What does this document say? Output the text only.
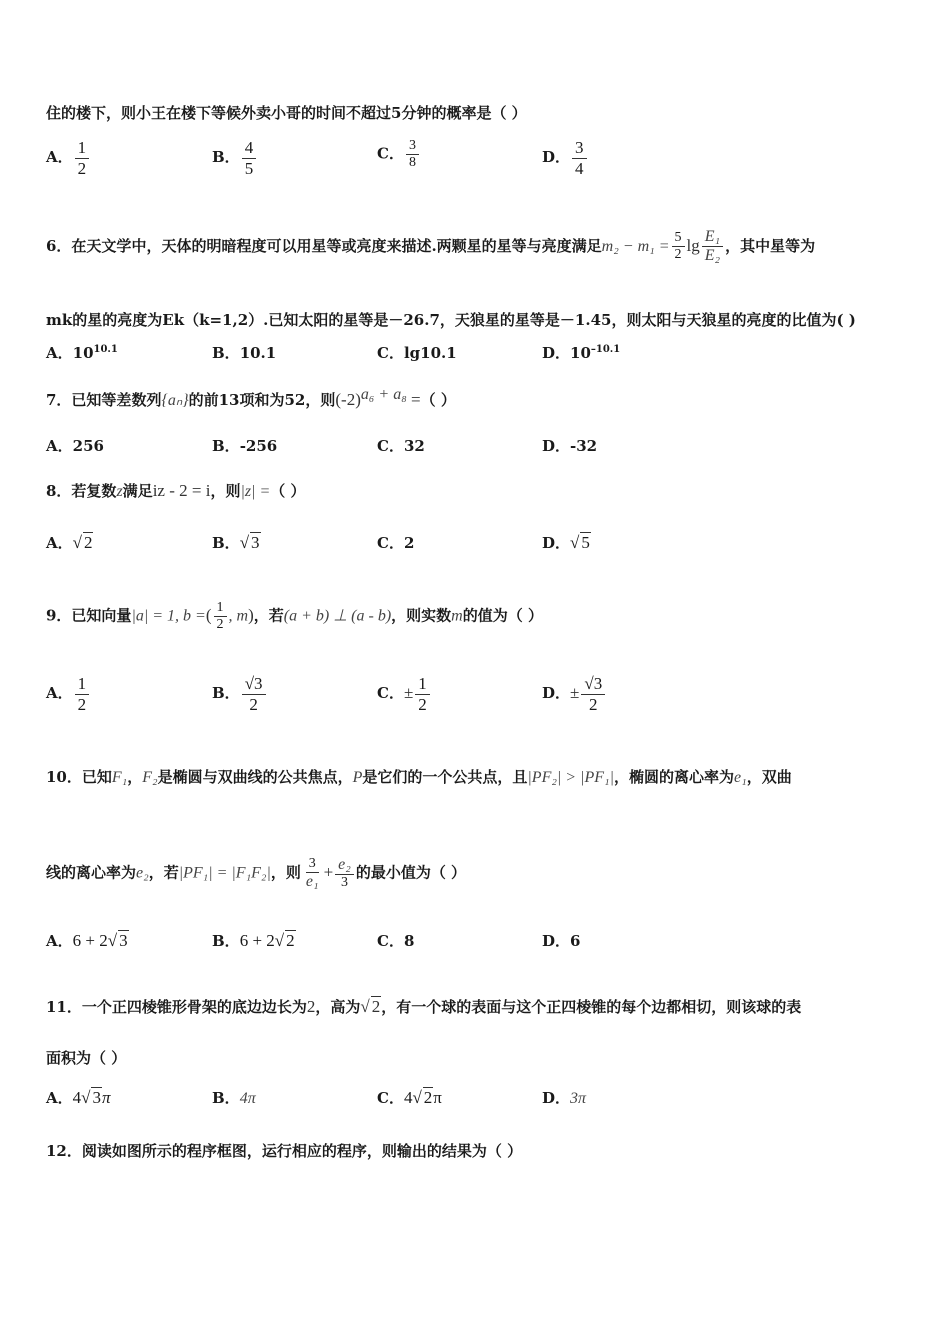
住的楼下，则小王在楼下等候外卖小哥的时间不超过5分钟的概率是（ ）
A． $\frac{1}{2}$	B． $\frac{4}{5}$	C． $\frac{3}{8}$	D． $\frac{3}{4}$
6．在天文学中，天体的明暗程度可以用星等或亮度来描述.两颗星的星等与亮度满足$m_2 - m_1 = \frac{5}{2}$ $\lg \frac{\text{E₁}}{\text{E₂}}$ ，其中星等为
mk的星的亮度为Ek（k=1,2）.已知太阳的星等是－26.7，天狼星的星等是－1.45，则太阳与天狼星的亮度的比值为( )
A．$10^{10.1}$	B．10.1	C．lg10.1	D．$10^{-10.1}$
7．已知等差数列{aₙ}的前13项和为52，则$(-2)^{a_6 + a_8}$ =（ ）
A．256	B．-256	C．32	D．-32
8．若复数z满足iz - 2 = i，则|z| =（ ）
A．√ 2	B．√ 3	C．2	D．√ 5
9．已知向量|a| = 1, b =( $\frac{1}{2}$ , m)，若(a + b) ⊥ (a - b)，则实数m的值为（ ）
A． $\frac{1}{2}$	B． $\frac{√3}{2}$	C．± $\frac{1}{2}$	D．± $\frac{√3}{2}$
10．已知F₁，F₂是椭圆与双曲线的公共焦点，P是它们的一个公共点，且|PF₂| > |PF₁|，椭圆的离心率为e₁，双曲
线的离心率为e₂，若|PF₁| = |F₁F₂|，则 $\frac{3}{\text{e₁}} + \frac{\text{e₂}}{3}$ 的最小值为（ ）
A．6 + 2√ 3	B．6 + 2√ 2	C．8	D．6
11．一个正四棱锥形骨架的底边边长为2，高为√ 2，有一个球的表面与这个正四棱锥的每个边都相切，则该球的表
面积为（ ）
A．4√ 3π	B．4π	C．4√ 2π	D．3π
12．阅读如图所示的程序框图，运行相应的程序，则输出的结果为（ ）
